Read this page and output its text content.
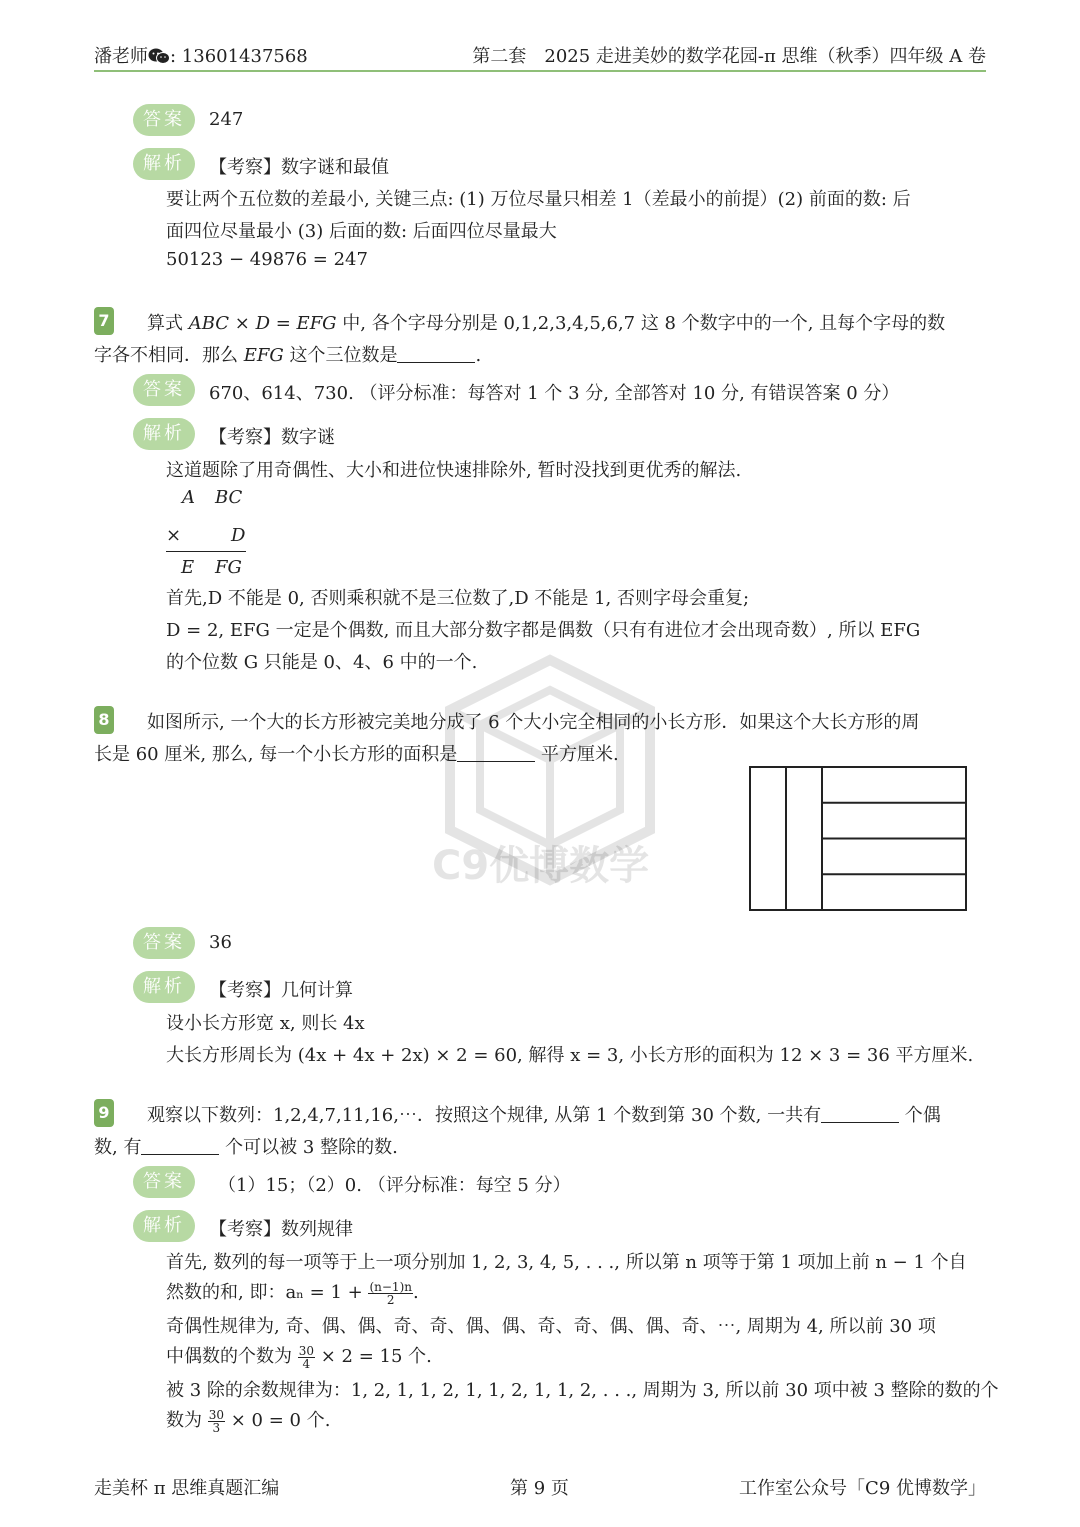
潘老师 : 13601437568	第二套　2025 走进美妙的数学花园-π 思维（秋季）四年级 A 卷
C9优博数学
答案	247
解析	【考察】数字谜和最值
要让两个五位数的差最小, 关键三点: (1) 万位尽量只相差 1（差最小的前提）(2) 前面的数: 后
面四位尽量最小 (3) 后面的数: 后面四位尽量最大
50123 − 49876 = 247
7 算式 ABC × D = EFG 中, 各个字母分别是 0,1,2,3,4,5,6,7 这 8 个数字中的一个, 且每个字母的数
字各不相同．那么 EFG 这个三位数是	.
答案	670、614、730. （评分标准：每答对 1 个 3 分, 全部答对 10 分, 有错误答案 0 分）
解析	【考察】数字谜
这道题除了用奇偶性、大小和进位快速排除外, 暂时没找到更优秀的解法.
A BC
×	D
E FG
首先,D 不能是 0, 否则乘积就不是三位数了,D 不能是 1, 否则字母会重复;
D = 2, EFG 一定是个偶数, 而且大部分数字都是偶数（只有有进位才会出现奇数）, 所以 EFG
的个位数 G 只能是 0、4、6 中的一个.
8 如图所示, 一个大的长方形被完美地分成了 6 个大小完全相同的小长方形．如果这个大长方形的周
长是 60 厘米, 那么, 每一个小长方形的面积是	平方厘米.
答案	36
解析	【考察】几何计算
设小长方形宽 x, 则长 4x
大长方形周长为 (4x + 4x + 2x) × 2 = 60, 解得 x = 3, 小长方形的面积为 12 × 3 = 36 平方厘米.
9 观察以下数列：1,2,4,7,11,16,⋯．按照这个规律, 从第 1 个数到第 30 个数, 一共有	个偶
数, 有	个可以被 3 整除的数.
答案	（1）15；（2）0. （评分标准：每空 5 分）
解析	【考察】数列规律
首先, 数列的每一项等于上一项分别加 1, 2, 3, 4, 5, . . ., 所以第 n 项等于第 1 项加上前 n − 1 个自
然数的和, 即：$a_n = 1 + \frac{(n-1)n}{2}$ .
奇偶性规律为, 奇、偶、偶、奇、奇、偶、偶、奇、奇、偶、偶、奇、⋯, 周期为 4, 所以前 30 项
中偶数的个数为 $\frac{30}{4} \times 2 = 15$ 个.
被 3 除的余数规律为：1, 2, 1, 1, 2, 1, 1, 2, 1, 1, 2, . . ., 周期为 3, 所以前 30 项中被 3 整除的数的个
数为 $\frac{30}{3} \times 0 = 0$ 个.
走美杯 π 思维真题汇编	第 9 页	工作室公众号「C9 优博数学」
